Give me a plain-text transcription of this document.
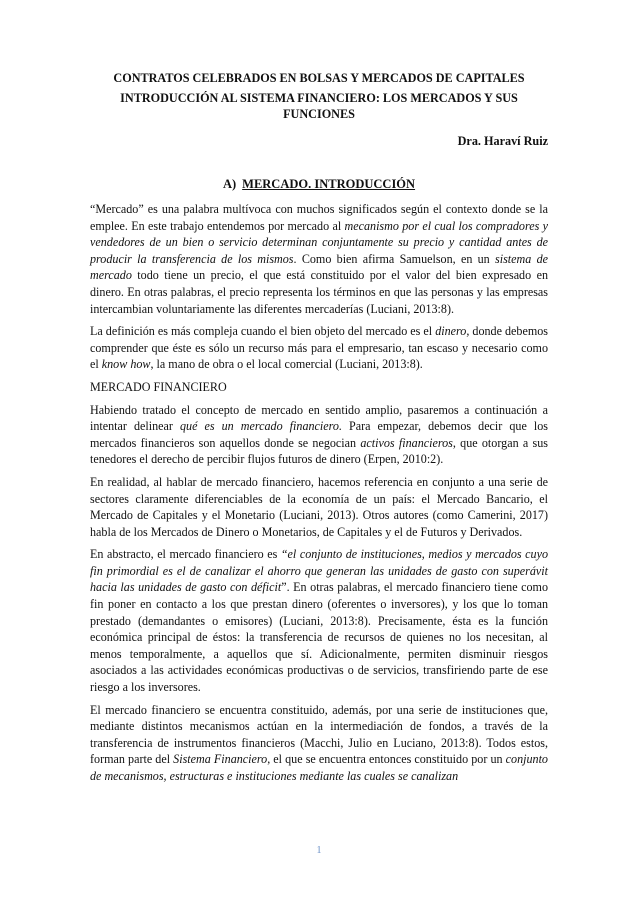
CONTRATOS CELEBRADOS EN BOLSAS Y MERCADOS DE CAPITALES
INTRODUCCIÓN AL SISTEMA FINANCIERO: LOS MERCADOS Y SUS FUNCIONES
Dra. Haraví Ruiz
A) MERCADO. INTRODUCCIÓN

“Mercado” es una palabra multívoca con muchos significados según el contexto donde se la emplee. En este trabajo entendemos por mercado al mecanismo por el cual los compradores y vendedores de un bien o servicio determinan conjuntamente su precio y cantidad antes de producir la transferencia de los mismos. Como bien afirma Samuelson, en un sistema de mercado todo tiene un precio, el que está constituido por el valor del bien expresado en dinero. En otras palabras, el precio representa los términos en que las personas y las empresas intercambian voluntariamente las diferentes mercaderías (Luciani, 2013:8).

La definición es más compleja cuando el bien objeto del mercado es el dinero, donde debemos comprender que éste es sólo un recurso más para el empresario, tan escaso y necesario como el know how, la mano de obra o el local comercial (Luciani, 2013:8).

MERCADO FINANCIERO

Habiendo tratado el concepto de mercado en sentido amplio, pasaremos a continuación a intentar delinear qué es un mercado financiero. Para empezar, debemos decir que los mercados financieros son aquellos donde se negocian activos financieros, que otorgan a sus tenedores el derecho de percibir flujos futuros de dinero (Erpen, 2010:2).

En realidad, al hablar de mercado financiero, hacemos referencia en conjunto a una serie de sectores claramente diferenciables de la economía de un país: el Mercado Bancario, el Mercado de Capitales y el Monetario (Luciani, 2013). Otros autores (como Camerini, 2017) habla de los Mercados de Dinero o Monetarios, de Capitales y el de Futuros y Derivados.

En abstracto, el mercado financiero es “el conjunto de instituciones, medios y mercados cuyo fin primordial es el de canalizar el ahorro que generan las unidades de gasto con superávit hacia las unidades de gasto con déficit”. En otras palabras, el mercado financiero tiene como fin poner en contacto a los que prestan dinero (oferentes o inversores), y los que lo toman prestado (demandantes o emisores) (Luciani, 2013:8). Precisamente, ésta es la función económica principal de éstos: la transferencia de recursos de quienes no los necesitan, al menos temporalmente, a aquellos que sí. Adicionalmente, permiten disminuir riesgos asociados a las actividades económicas productivas o de servicios, transfiriendo parte de ese riesgo a los inversores.

El mercado financiero se encuentra constituido, además, por una serie de instituciones que, mediante distintos mecanismos actúan en la intermediación de fondos, a través de la transferencia de instrumentos financieros (Macchi, Julio en Luciano, 2013:8). Todos estos, forman parte del Sistema Financiero, el que se encuentra entonces constituido por un conjunto de mecanismos, estructuras e instituciones mediante las cuales se canalizan

1
